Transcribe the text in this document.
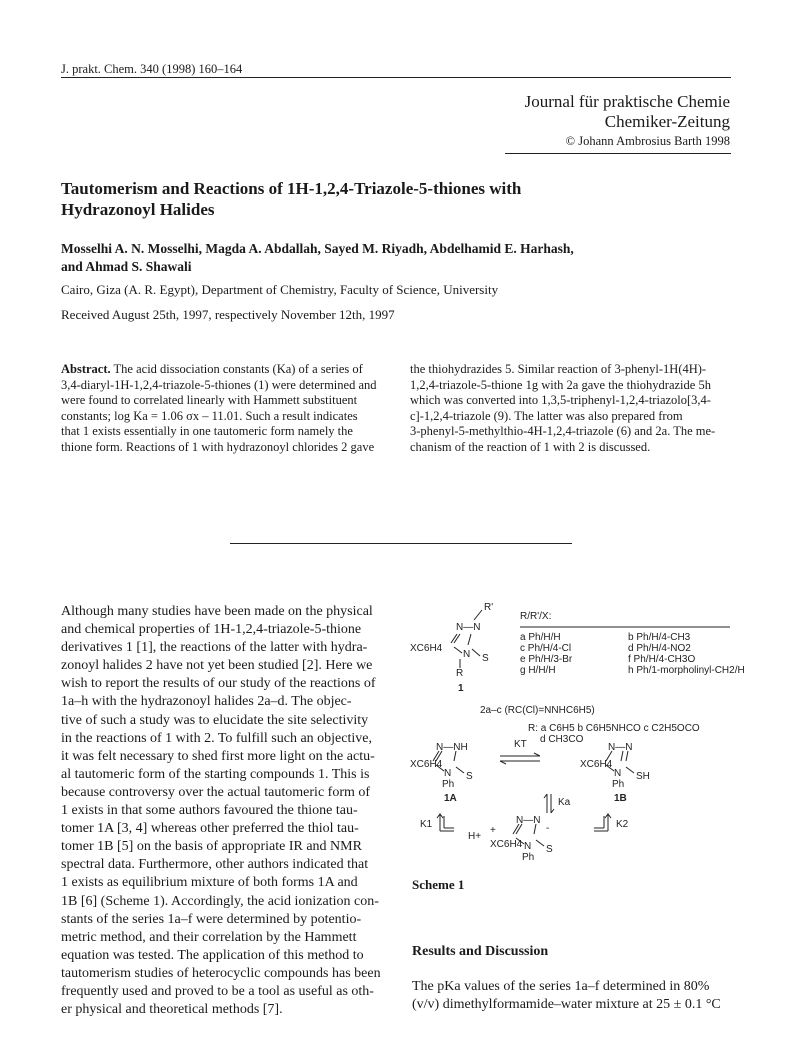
J. prakt. Chem. 340 (1998) 160–164
Journal für praktische Chemie
Chemiker-Zeitung
© Johann Ambrosius Barth 1998
Tautomerism and Reactions of 1H-1,2,4-Triazole-5-thiones with
Hydrazonoyl Halides
Mosselhi A. N. Mosselhi, Magda A. Abdallah, Sayed M. Riyadh, Abdelhamid E. Harhash,
and Ahmad S. Shawali
Cairo, Giza (A. R. Egypt), Department of Chemistry, Faculty of Science, University
Received August 25th, 1997, respectively November 12th, 1997
Abstract. The acid dissociation constants (Ka) of a series of
3,4-diaryl-1H-1,2,4-triazole-5-thiones (1) were determined and
were found to correlated linearly with Hammett substituent
constants; log Ka = 1.06 σx – 11.01. Such a result indicates
that 1 exists essentially in one tautomeric form namely the
thione form. Reactions of 1 with hydrazonoyl chlorides 2 gave
the thiohydrazides 5. Similar reaction of 3-phenyl-1H(4H)-
1,2,4-triazole-5-thione 1g with 2a gave the thiohydrazide 5h
which was converted into 1,3,5-triphenyl-1,2,4-triazolo[3,4-
c]-1,2,4-triazole (9). The latter was also prepared from
3-phenyl-5-methylthio-4H-1,2,4-triazole (6) and 2a. The me-
chanism of the reaction of 1 with 2 is discussed.
Although many studies have been made on the physical
and chemical properties of 1H-1,2,4-triazole-5-thione
derivatives 1 [1], the reactions of the latter with hydra-
zonoyl halides 2 have not yet been studied [2]. Here we
wish to report the results of our study of the reactions of
1a–h with the hydrazonoyl halides 2a–d. The objec-
tive of such a study was to elucidate the site selectivity
in the reactions of 1 with 2. To fulfill such an objective,
it was felt necessary to shed first more light on the actu-
al tautomeric form of the starting compounds 1. This is
because controversy over the actual tautomeric form of
1 exists in that some authors favoured the thione tau-
tomer 1A [3, 4] whereas other preferred the thiol tau-
tomer 1B [5] on the basis of appropriate IR and NMR
spectral data. Furthermore, other authors indicated that
1 exists as equilibrium mixture of both forms 1A and
1B [6] (Scheme 1). Accordingly, the acid ionization con-
stants of the series 1a–f were determined by potentio-
metric method, and their correlation by the Hammett
equation was tested. The application of this method to
tautomerism studies of heterocyclic compounds has been
frequently used and proved to be a tool as useful as oth-
er physical and theoretical methods [7].
R'
N—N
XC6H4
N S
R
1
R/R'/X:
a Ph/H/H	b Ph/H/4-CH3
c Ph/H/4-Cl	d Ph/H/4-NO2
e Ph/H/3-Br	f Ph/H/4-CH3O
g H/H/H	h Ph/1-morpholinyl-CH2/H
2a–c (RC(Cl)=NNHC6H5)
R: a C6H5 b C6H5NHCO c C2H5OCO
d CH3CO
N—NH
XC6H4
N S
Ph
1A
KT	N—N
XC6H4
N SH
Ph
1B
Ka
K1	K2
H+
+
N—N
-
XC6H4 N S
Ph
Scheme 1
Results and Discussion
The pKa values of the series 1a–f determined in 80%
(v/v) dimethylformamide–water mixture at 25 ± 0.1 °C
